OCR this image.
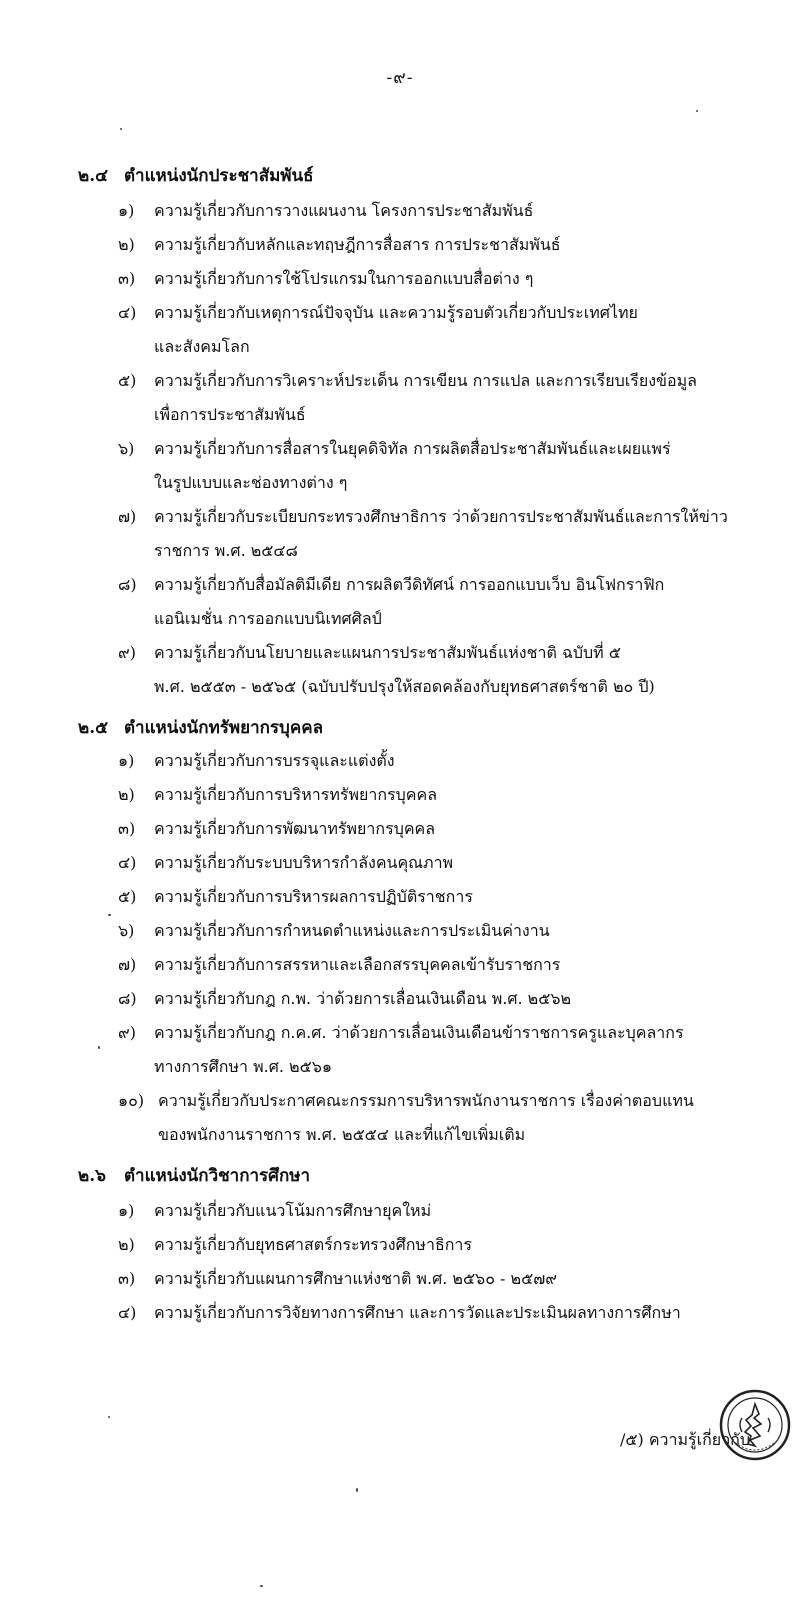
-๙-
๒.๔ ตำแหน่งนักประชาสัมพันธ์
๑) ความรู้เกี่ยวกับการวางแผนงาน โครงการประชาสัมพันธ์
๒) ความรู้เกี่ยวกับหลักและทฤษฎีการสื่อสาร การประชาสัมพันธ์
๓) ความรู้เกี่ยวกับการใช้โปรแกรมในการออกแบบสื่อต่าง ๆ
๔) ความรู้เกี่ยวกับเหตุการณ์ปัจจุบัน และความรู้รอบตัวเกี่ยวกับประเทศไทย
และสังคมโลก
๕) ความรู้เกี่ยวกับการวิเคราะห์ประเด็น การเขียน การแปล และการเรียบเรียงข้อมูล
เพื่อการประชาสัมพันธ์
๖) ความรู้เกี่ยวกับการสื่อสารในยุคดิจิทัล การผลิตสื่อประชาสัมพันธ์และเผยแพร่
ในรูปแบบและช่องทางต่าง ๆ
๗) ความรู้เกี่ยวกับระเบียบกระทรวงศึกษาธิการ ว่าด้วยการประชาสัมพันธ์และการให้ข่าว
ราชการ พ.ศ. ๒๕๔๘
๘) ความรู้เกี่ยวกับสื่อมัลติมีเดีย การผลิตวีดิทัศน์ การออกแบบเว็บ อินโฟกราฟิก
แอนิเมชั่น การออกแบบนิเทศศิลป์
๙) ความรู้เกี่ยวกับนโยบายและแผนการประชาสัมพันธ์แห่งชาติ ฉบับที่ ๕
พ.ศ. ๒๕๕๓ - ๒๕๖๕ (ฉบับปรับปรุงให้สอดคล้องกับยุทธศาสตร์ชาติ ๒๐ ปี)
๒.๕ ตำแหน่งนักทรัพยากรบุคคล
๑) ความรู้เกี่ยวกับการบรรจุและแต่งตั้ง
๒) ความรู้เกี่ยวกับการบริหารทรัพยากรบุคคล
๓) ความรู้เกี่ยวกับการพัฒนาทรัพยากรบุคคล
๔) ความรู้เกี่ยวกับระบบบริหารกำลังคนคุณภาพ
๕) ความรู้เกี่ยวกับการบริหารผลการปฏิบัติราชการ
๖) ความรู้เกี่ยวกับการกำหนดตำแหน่งและการประเมินค่างาน
๗) ความรู้เกี่ยวกับการสรรหาและเลือกสรรบุคคลเข้ารับราชการ
๘) ความรู้เกี่ยวกับกฎ ก.พ. ว่าด้วยการเลื่อนเงินเดือน พ.ศ. ๒๕๖๒
๙) ความรู้เกี่ยวกับกฎ ก.ค.ศ. ว่าด้วยการเลื่อนเงินเดือนข้าราชการครูและบุคลากร
ทางการศึกษา พ.ศ. ๒๕๖๑
๑๐) ความรู้เกี่ยวกับประกาศคณะกรรมการบริหารพนักงานราชการ เรื่องค่าตอบแทน
ของพนักงานราชการ พ.ศ. ๒๕๕๔ และที่แก้ไขเพิ่มเติม
๒.๖ ตำแหน่งนักวิชาการศึกษา
๑) ความรู้เกี่ยวกับแนวโน้มการศึกษายุคใหม่
๒) ความรู้เกี่ยวกับยุทธศาสตร์กระทรวงศึกษาธิการ
๓) ความรู้เกี่ยวกับแผนการศึกษาแห่งชาติ พ.ศ. ๒๕๖๐ - ๒๕๗๙
๔) ความรู้เกี่ยวกับการวิจัยทางการศึกษา และการวัดและประเมินผลทางการศึกษา
/๕) ความรู้เกี่ยวกับ
